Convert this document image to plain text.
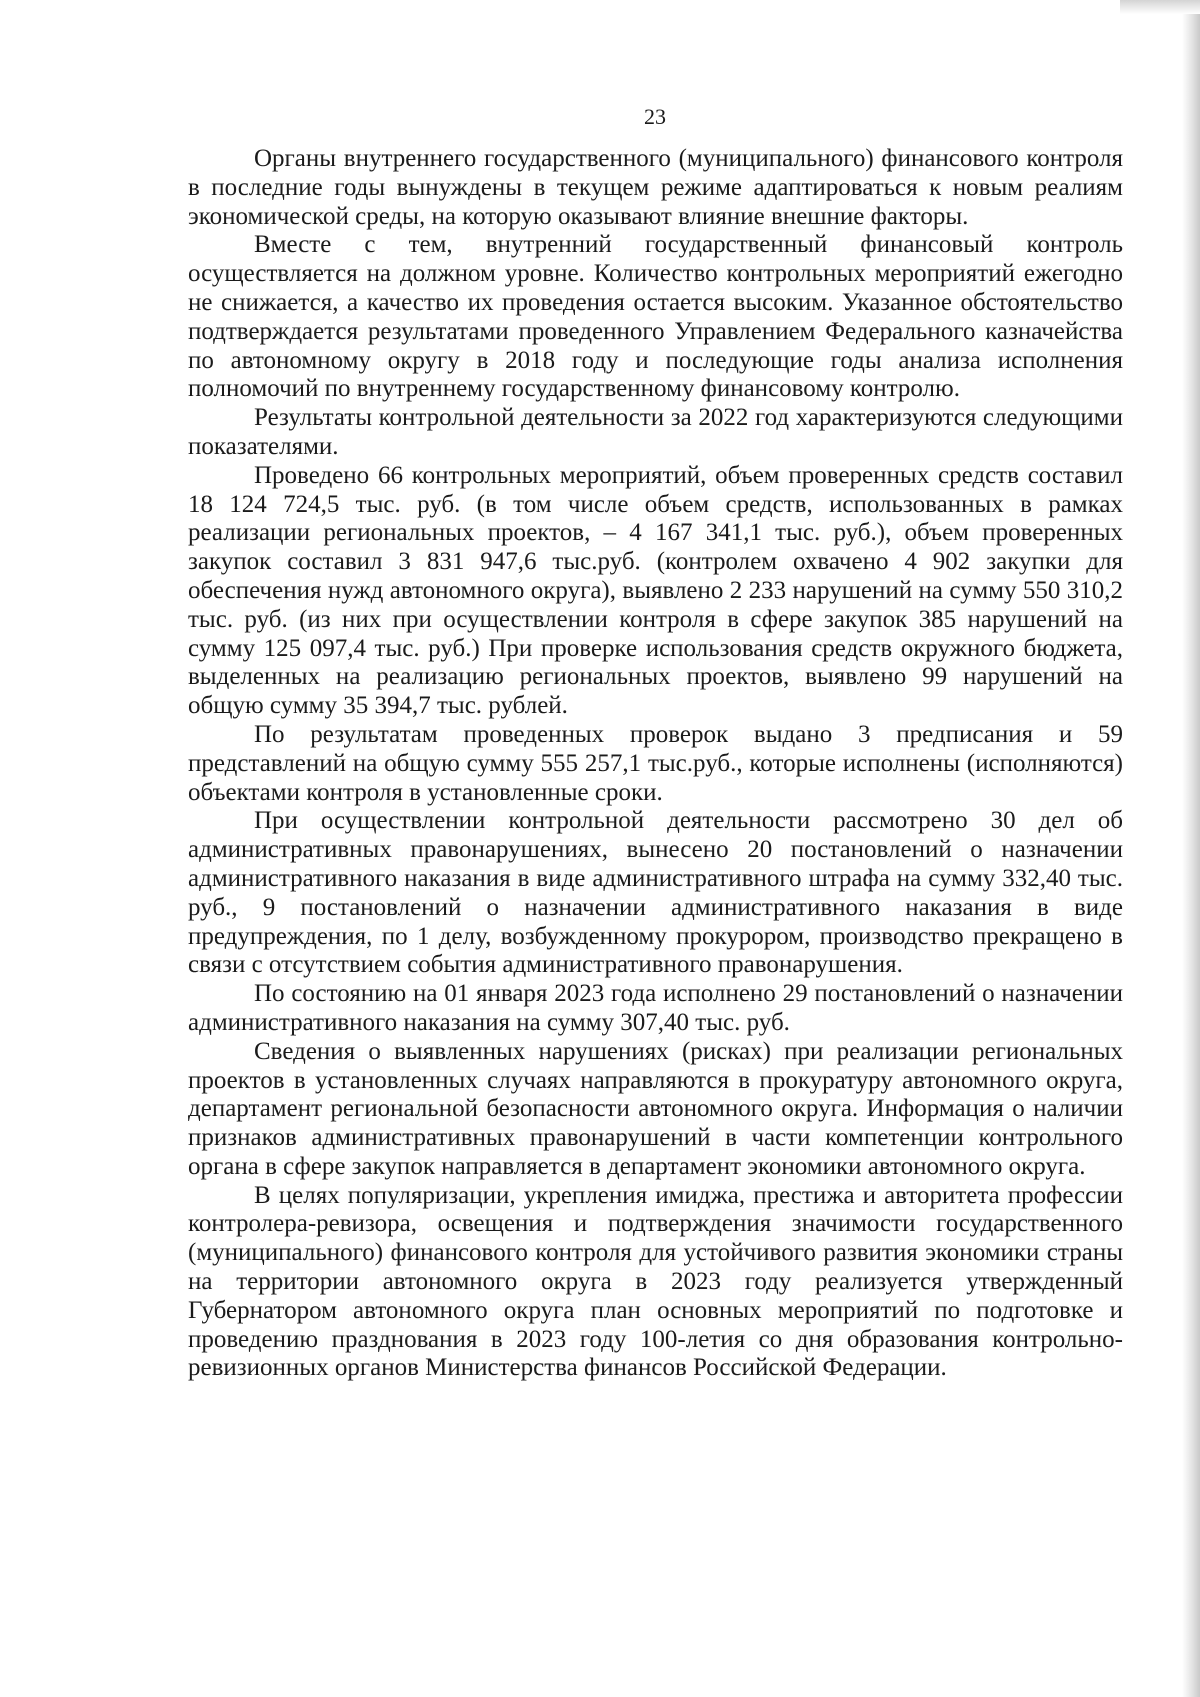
23

Органы внутреннего государственного (муниципального) финансового контроля в последние годы вынуждены в текущем режиме адаптироваться к новым реалиям экономической среды, на которую оказывают влияние внешние факторы.

Вместе с тем, внутренний государственный финансовый контроль осуществляется на должном уровне. Количество контрольных мероприятий ежегодно не снижается, а качество их проведения остается высоким. Указанное обстоятельство подтверждается результатами проведенного Управлением Федерального казначейства по автономному округу в 2018 году и последующие годы анализа исполнения полномочий по внутреннему государственному финансовому контролю.

Результаты контрольной деятельности за 2022 год характеризуются следующими показателями.

Проведено 66 контрольных мероприятий, объем проверенных средств составил 18 124 724,5 тыс. руб. (в том числе объем средств, использованных в рамках реализации региональных проектов, – 4 167 341,1 тыс. руб.), объем проверенных закупок составил 3 831 947,6 тыс.руб. (контролем охвачено 4 902 закупки для обеспечения нужд автономного округа), выявлено 2 233 нарушений на сумму 550 310,2 тыс. руб. (из них при осуществлении контроля в сфере закупок 385 нарушений на сумму 125 097,4 тыс. руб.) При проверке использования средств окружного бюджета, выделенных на реализацию региональных проектов, выявлено 99 нарушений на общую сумму 35 394,7 тыс. рублей.

По результатам проведенных проверок выдано 3 предписания и 59 представлений на общую сумму 555 257,1 тыс.руб., которые исполнены (исполняются) объектами контроля в установленные сроки.

При осуществлении контрольной деятельности рассмотрено 30 дел об административных правонарушениях, вынесено 20 постановлений о назначении административного наказания в виде административного штрафа на сумму 332,40 тыс. руб., 9 постановлений о назначении административного наказания в виде предупреждения, по 1 делу, возбужденному прокурором, производство прекращено в связи с отсутствием события административного правонарушения.

По состоянию на 01 января 2023 года исполнено 29 постановлений о назначении административного наказания на сумму 307,40 тыс. руб.

Сведения о выявленных нарушениях (рисках) при реализации региональных проектов в установленных случаях направляются в прокуратуру автономного округа, департамент региональной безопасности автономного округа. Информация о наличии признаков административных правонарушений в части компетенции контрольного органа в сфере закупок направляется в департамент экономики автономного округа.

В целях популяризации, укрепления имиджа, престижа и авторитета профессии контролера-ревизора, освещения и подтверждения значимости государственного (муниципального) финансового контроля для устойчивого развития экономики страны на территории автономного округа в 2023 году реализуется утвержденный Губернатором автономного округа план основных мероприятий по подготовке и проведению празднования в 2023 году 100-летия со дня образования контрольно-ревизионных органов Министерства финансов Российской Федерации.
